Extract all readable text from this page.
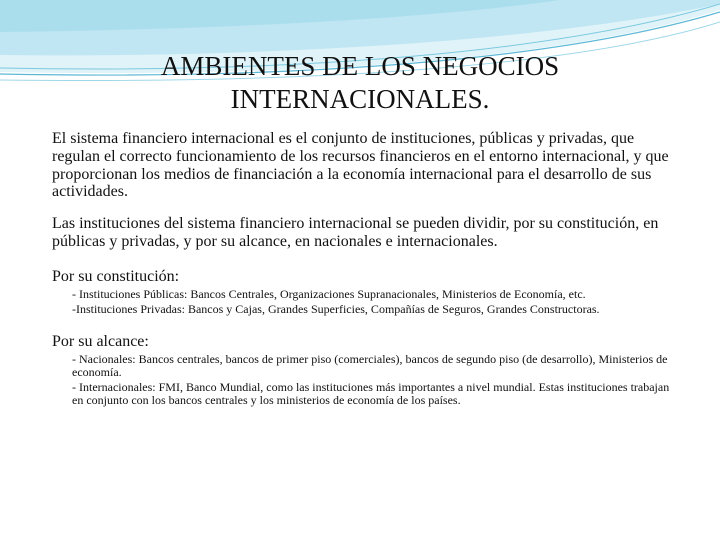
AMBIENTES DE LOS NEGOCIOS
INTERNACIONALES.

El sistema financiero internacional es el conjunto de instituciones, públicas y privadas, que regulan el correcto funcionamiento de los recursos financieros en el entorno internacional, y que proporcionan los medios de financiación a la economía internacional para el desarrollo de sus actividades.

Las instituciones del sistema financiero internacional se pueden dividir, por su constitución, en públicas y privadas, y por su alcance, en nacionales e internacionales.

Por su constitución:
- Instituciones Públicas: Bancos Centrales, Organizaciones Supranacionales, Ministerios de Economía, etc.
-Instituciones Privadas: Bancos y Cajas, Grandes Superficies, Compañías de Seguros, Grandes Constructoras.
Por su alcance:
- Nacionales: Bancos centrales, bancos de primer piso (comerciales), bancos de segundo piso (de desarrollo), Ministerios de economía.
- Internacionales: FMI, Banco Mundial, como las instituciones más importantes a nivel mundial. Estas instituciones trabajan en conjunto con los bancos centrales y los ministerios de economía de los países.
